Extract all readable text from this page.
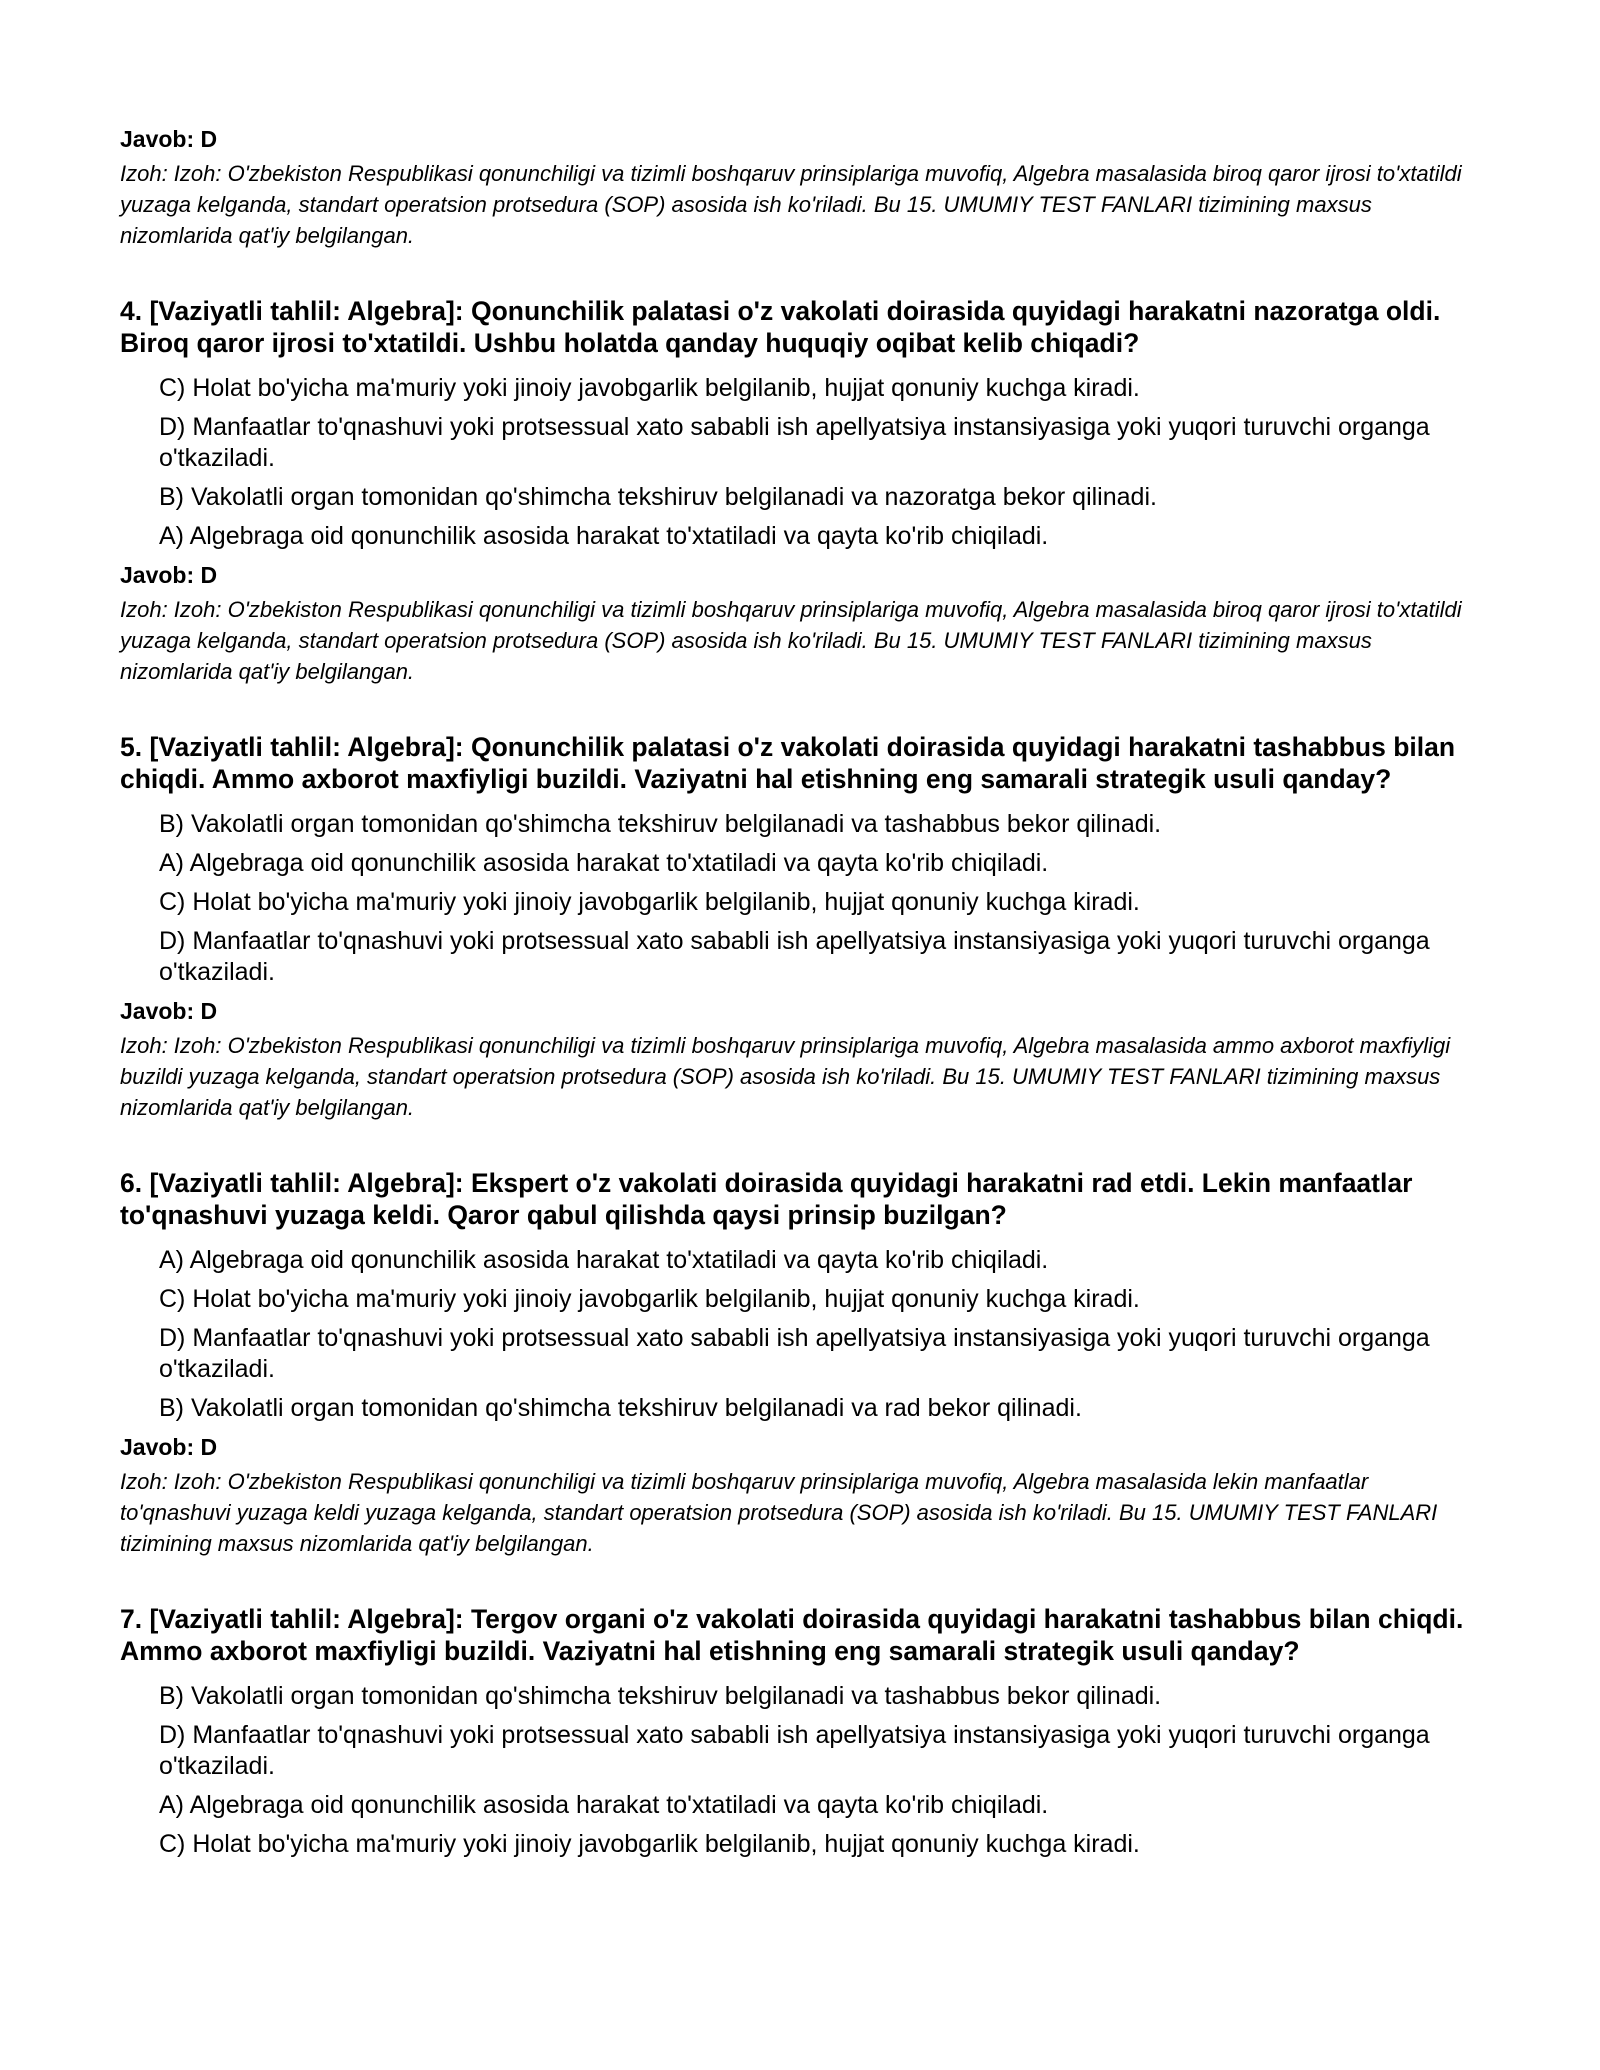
Javob: D
Izoh: Izoh: O'zbekiston Respublikasi qonunchiligi va tizimli boshqaruv prinsiplariga muvofiq, Algebra masalasida biroq qaror ijrosi to'xtatildi yuzaga kelganda, standart operatsion protsedura (SOP) asosida ish ko'riladi. Bu 15. UMUMIY TEST FANLARI tizimining maxsus nizomlarida qat'iy belgilangan.
4. [Vaziyatli tahlil: Algebra]: Qonunchilik palatasi o'z vakolati doirasida quyidagi harakatni nazoratga oldi. Biroq qaror ijrosi to'xtatildi. Ushbu holatda qanday huquqiy oqibat kelib chiqadi?
C) Holat bo'yicha ma'muriy yoki jinoiy javobgarlik belgilanib, hujjat qonuniy kuchga kiradi.
D) Manfaatlar to'qnashuvi yoki protsessual xato sababli ish apellyatsiya instansiyasiga yoki yuqori turuvchi organga o'tkaziladi.
B) Vakolatli organ tomonidan qo'shimcha tekshiruv belgilanadi va nazoratga bekor qilinadi.
A) Algebraga oid qonunchilik asosida harakat to'xtatiladi va qayta ko'rib chiqiladi.
Javob: D
Izoh: Izoh: O'zbekiston Respublikasi qonunchiligi va tizimli boshqaruv prinsiplariga muvofiq, Algebra masalasida biroq qaror ijrosi to'xtatildi yuzaga kelganda, standart operatsion protsedura (SOP) asosida ish ko'riladi. Bu 15. UMUMIY TEST FANLARI tizimining maxsus nizomlarida qat'iy belgilangan.
5. [Vaziyatli tahlil: Algebra]: Qonunchilik palatasi o'z vakolati doirasida quyidagi harakatni tashabbus bilan chiqdi. Ammo axborot maxfiyligi buzildi. Vaziyatni hal etishning eng samarali strategik usuli qanday?
B) Vakolatli organ tomonidan qo'shimcha tekshiruv belgilanadi va tashabbus bekor qilinadi.
A) Algebraga oid qonunchilik asosida harakat to'xtatiladi va qayta ko'rib chiqiladi.
C) Holat bo'yicha ma'muriy yoki jinoiy javobgarlik belgilanib, hujjat qonuniy kuchga kiradi.
D) Manfaatlar to'qnashuvi yoki protsessual xato sababli ish apellyatsiya instansiyasiga yoki yuqori turuvchi organga o'tkaziladi.
Javob: D
Izoh: Izoh: O'zbekiston Respublikasi qonunchiligi va tizimli boshqaruv prinsiplariga muvofiq, Algebra masalasida ammo axborot maxfiyligi buzildi yuzaga kelganda, standart operatsion protsedura (SOP) asosida ish ko'riladi. Bu 15. UMUMIY TEST FANLARI tizimining maxsus nizomlarida qat'iy belgilangan.
6. [Vaziyatli tahlil: Algebra]: Ekspert o'z vakolati doirasida quyidagi harakatni rad etdi. Lekin manfaatlar to'qnashuvi yuzaga keldi. Qaror qabul qilishda qaysi prinsip buzilgan?
A) Algebraga oid qonunchilik asosida harakat to'xtatiladi va qayta ko'rib chiqiladi.
C) Holat bo'yicha ma'muriy yoki jinoiy javobgarlik belgilanib, hujjat qonuniy kuchga kiradi.
D) Manfaatlar to'qnashuvi yoki protsessual xato sababli ish apellyatsiya instansiyasiga yoki yuqori turuvchi organga o'tkaziladi.
B) Vakolatli organ tomonidan qo'shimcha tekshiruv belgilanadi va rad bekor qilinadi.
Javob: D
Izoh: Izoh: O'zbekiston Respublikasi qonunchiligi va tizimli boshqaruv prinsiplariga muvofiq, Algebra masalasida lekin manfaatlar to'qnashuvi yuzaga keldi yuzaga kelganda, standart operatsion protsedura (SOP) asosida ish ko'riladi. Bu 15. UMUMIY TEST FANLARI tizimining maxsus nizomlarida qat'iy belgilangan.
7. [Vaziyatli tahlil: Algebra]: Tergov organi o'z vakolati doirasida quyidagi harakatni tashabbus bilan chiqdi. Ammo axborot maxfiyligi buzildi. Vaziyatni hal etishning eng samarali strategik usuli qanday?
B) Vakolatli organ tomonidan qo'shimcha tekshiruv belgilanadi va tashabbus bekor qilinadi.
D) Manfaatlar to'qnashuvi yoki protsessual xato sababli ish apellyatsiya instansiyasiga yoki yuqori turuvchi organga o'tkaziladi.
A) Algebraga oid qonunchilik asosida harakat to'xtatiladi va qayta ko'rib chiqiladi.
C) Holat bo'yicha ma'muriy yoki jinoiy javobgarlik belgilanib, hujjat qonuniy kuchga kiradi.
